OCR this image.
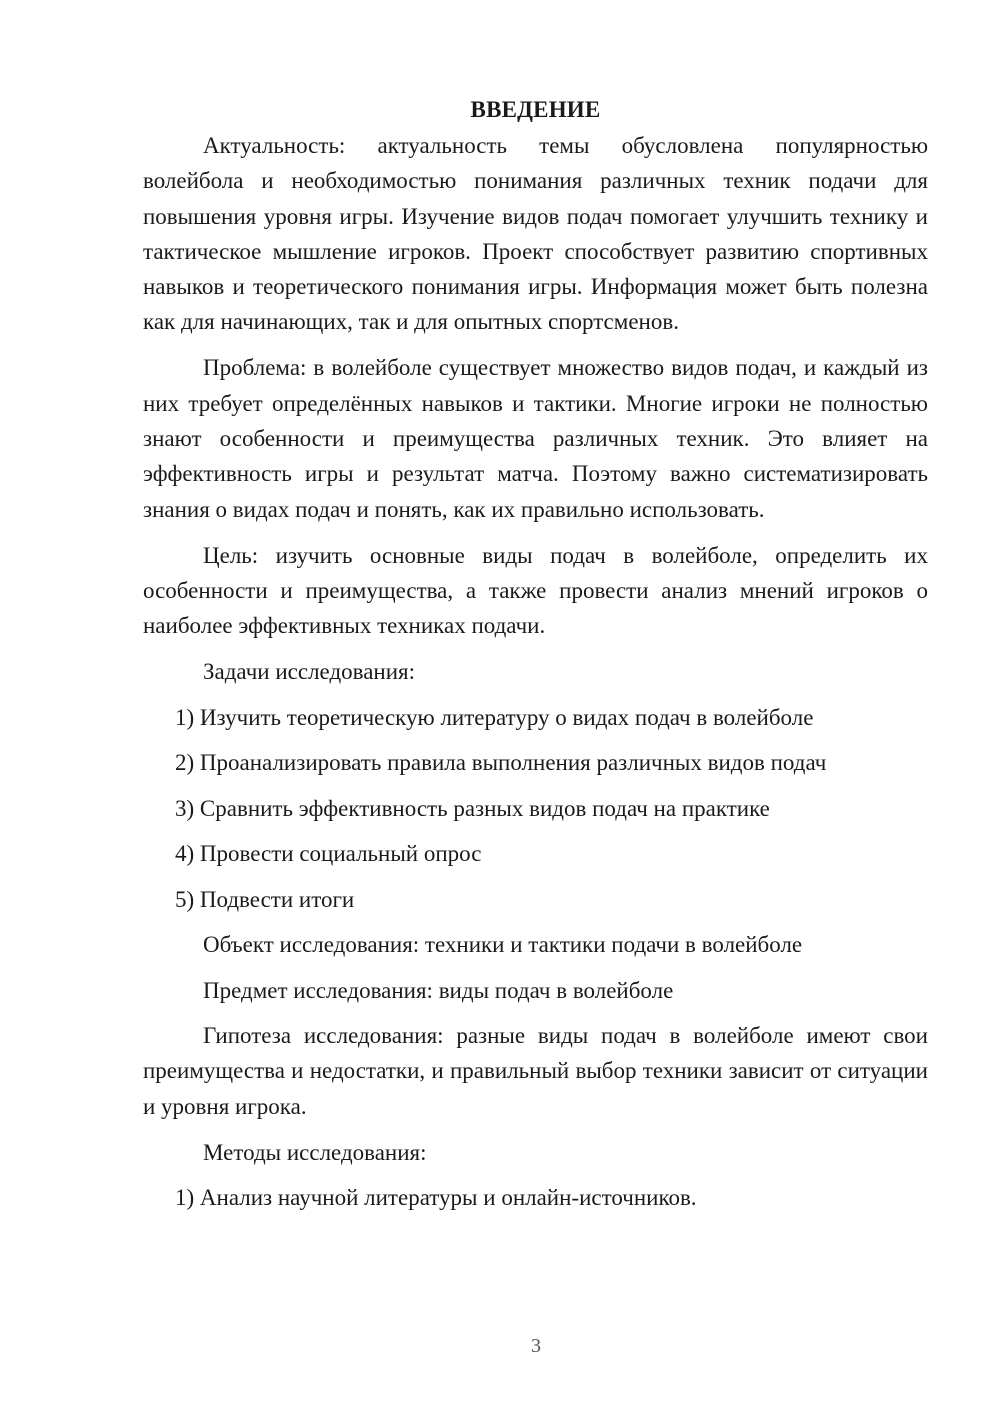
ВВЕДЕНИЕ

Актуальность: актуальность темы обусловлена популярностью волейбола и необходимостью понимания различных техник подачи для повышения уровня игры. Изучение видов подач помогает улучшить технику и тактическое мышление игроков. Проект способствует развитию спортивных навыков и теоретического понимания игры. Информация может быть полезна как для начинающих, так и для опытных спортсменов.

Проблема: в волейболе существует множество видов подач, и каждый из них требует определённых навыков и тактики. Многие игроки не полностью знают особенности и преимущества различных техник. Это влияет на эффективность игры и результат матча. Поэтому важно систематизировать знания о видах подач и понять, как их правильно использовать.

Цель: изучить основные виды подач в волейболе, определить их особенности и преимущества, а также провести анализ мнений игроков о наиболее эффективных техниках подачи.

Задачи исследования:
1) Изучить теоретическую литературу о видах подач в волейболе
2) Проанализировать правила выполнения различных видов подач
3) Сравнить эффективность разных видов подач на практике
4) Провести социальный опрос
5) Подвести итоги
Объект исследования: техники и тактики подачи в волейболе
Предмет исследования: виды подач в волейболе

Гипотеза исследования: разные виды подач в волейболе имеют свои преимущества и недостатки, и правильный выбор техники зависит от ситуации и уровня игрока.

Методы исследования:
1) Анализ научной литературы и онлайн-источников.
3
